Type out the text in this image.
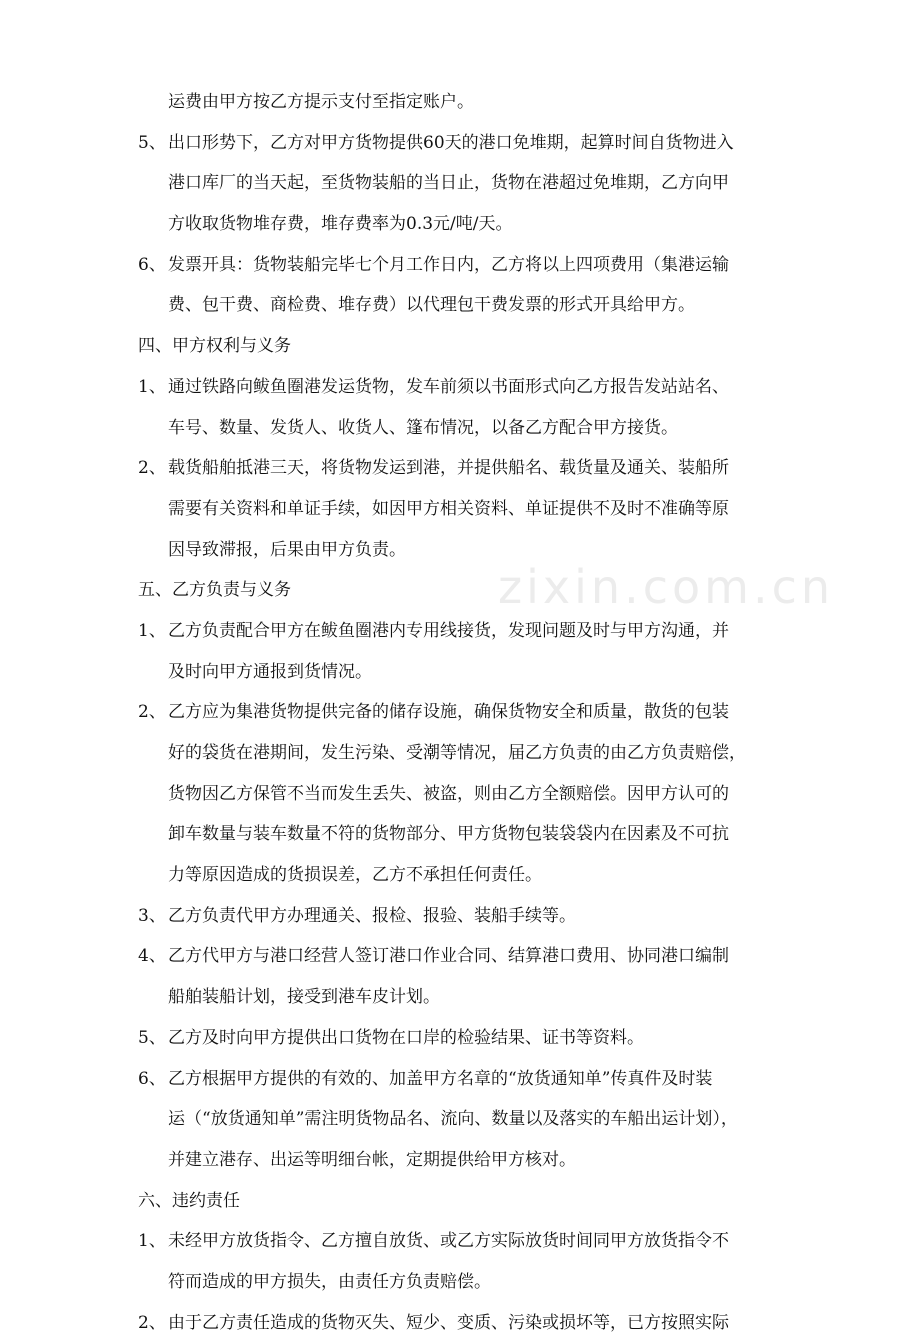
zixin.com.cn
运费由甲方按乙方提示支付至指定账户。
5、 出口形势下，乙方对甲方货物提供60天的港口免堆期，起算时间自货物进入
港口库厂的当天起，至货物装船的当日止，货物在港超过免堆期，乙方向甲
方收取货物堆存费，堆存费率为0.3元/吨/天。
6、 发票开具：货物装船完毕七个月工作日内，乙方将以上四项费用（集港运输
费、包干费、商检费、堆存费）以代理包干费发票的形式开具给甲方。
四、甲方权利与义务
1、 通过铁路向鲅鱼圈港发运货物，发车前须以书面形式向乙方报告发站站名、
车号、数量、发货人、收货人、篷布情况，以备乙方配合甲方接货。
2、 载货船舶抵港三天，将货物发运到港，并提供船名、载货量及通关、装船所
需要有关资料和单证手续，如因甲方相关资料、单证提供不及时不准确等原
因导致滞报，后果由甲方负责。
五、乙方负责与义务
1、 乙方负责配合甲方在鲅鱼圈港内专用线接货，发现问题及时与甲方沟通，并
及时向甲方通报到货情况。
2、 乙方应为集港货物提供完备的储存设施，确保货物安全和质量，散货的包装
好的袋货在港期间，发生污染、受潮等情况，届乙方负责的由乙方负责赔偿，
货物因乙方保管不当而发生丢失、被盗，则由乙方全额赔偿。因甲方认可的
卸车数量与装车数量不符的货物部分、甲方货物包装袋袋内在因素及不可抗
力等原因造成的货损误差，乙方不承担任何责任。
3、 乙方负责代甲方办理通关、报检、报验、装船手续等。
4、 乙方代甲方与港口经营人签订港口作业合同、结算港口费用、协同港口编制
船舶装船计划，接受到港车皮计划。
5、 乙方及时向甲方提供出口货物在口岸的检验结果、证书等资料。
6、 乙方根据甲方提供的有效的、加盖甲方名章的“放货通知单”传真件及时装
运（“放货通知单”需注明货物品名、流向、数量以及落实的车船出运计划），
并建立港存、出运等明细台帐，定期提供给甲方核对。
六、违约责任
1、 未经甲方放货指令、乙方擅自放货、或乙方实际放货时间同甲方放货指令不
符而造成的甲方损失，由责任方负责赔偿。
2、 由于乙方责任造成的货物灭失、短少、变质、污染或损坏等，已方按照实际
